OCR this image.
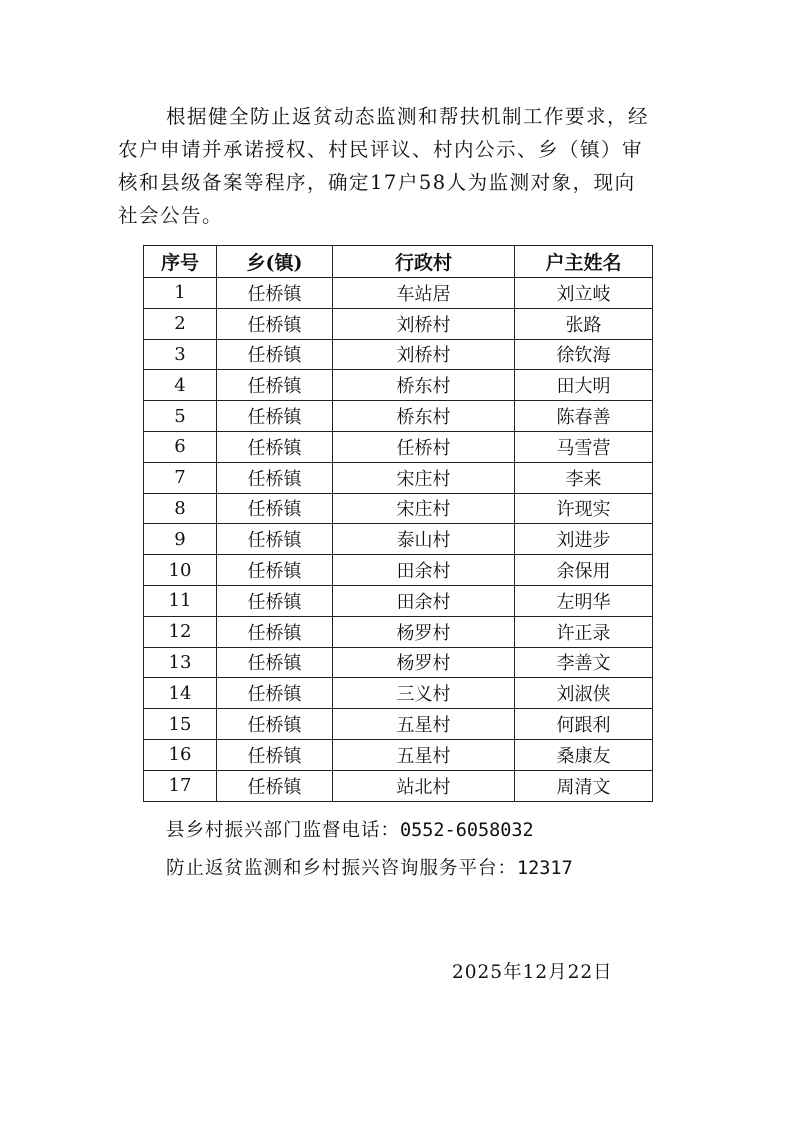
根据健全防止返贫动态监测和帮扶机制工作要求，经
农户申请并承诺授权、村民评议、村内公示、乡（镇）审
核和县级备案等程序，确定17户58人为监测对象，现向
社会公告。
序号	乡(镇)	行政村	户主姓名
1	任桥镇	车站居	刘立岐
2	任桥镇	刘桥村	张路
3	任桥镇	刘桥村	徐钦海
4	任桥镇	桥东村	田大明
5	任桥镇	桥东村	陈春善
6	任桥镇	任桥村	马雪营
7	任桥镇	宋庄村	李来
8	任桥镇	宋庄村	许现实
9	任桥镇	泰山村	刘进步
10	任桥镇	田余村	余保用
11	任桥镇	田余村	左明华
12	任桥镇	杨罗村	许正录
13	任桥镇	杨罗村	李善文
14	任桥镇	三义村	刘淑侠
15	任桥镇	五星村	何跟利
16	任桥镇	五星村	桑康友
17	任桥镇	站北村	周清文
县乡村振兴部门监督电话：0552-6058032
防止返贫监测和乡村振兴咨询服务平台：12317
2025年12月22日
